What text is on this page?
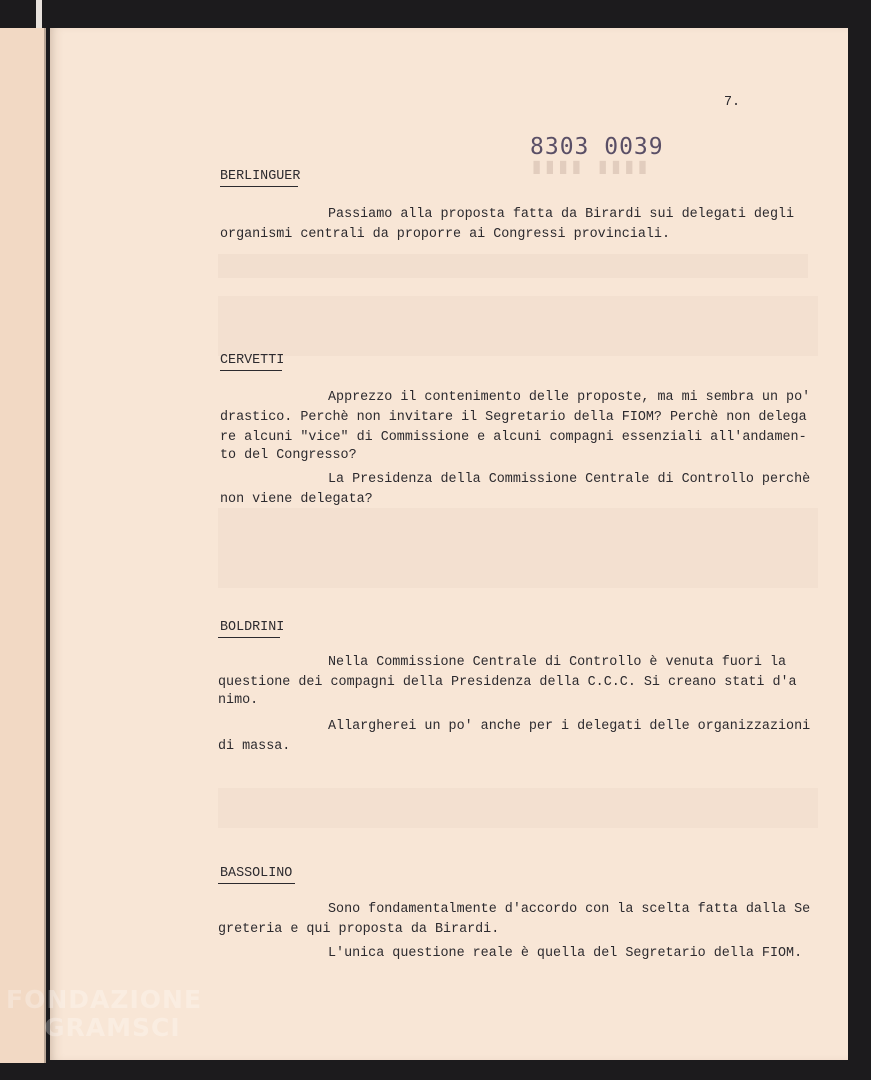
▮▮▮▮ ▮▮▮▮

7.

8303 0039

BERLINGUER

Passiamo alla proposta fatta da Birardi sui delegati degli

organismi centrali da proporre ai Congressi provinciali.

CERVETTI

Apprezzo il contenimento delle proposte, ma mi sembra un po'

drastico. Perchè non invitare il Segretario della FIOM? Perchè non delega

re alcuni "vice" di Commissione e alcuni compagni essenziali all'andamen-

to del Congresso?

La Presidenza della Commissione Centrale di Controllo perchè

non viene delegata?

BOLDRINI

Nella Commissione Centrale di Controllo è venuta fuori la

questione dei compagni della Presidenza della C.C.C. Si creano stati d'a

nimo.

Allargherei un po' anche per i delegati delle organizzazioni

di massa.

BASSOLINO

Sono fondamentalmente d'accordo con la scelta fatta dalla Se

greteria e qui proposta da Birardi.

L'unica questione reale è quella del Segretario della FIOM.

FONDAZIONE
GRAMSCI
